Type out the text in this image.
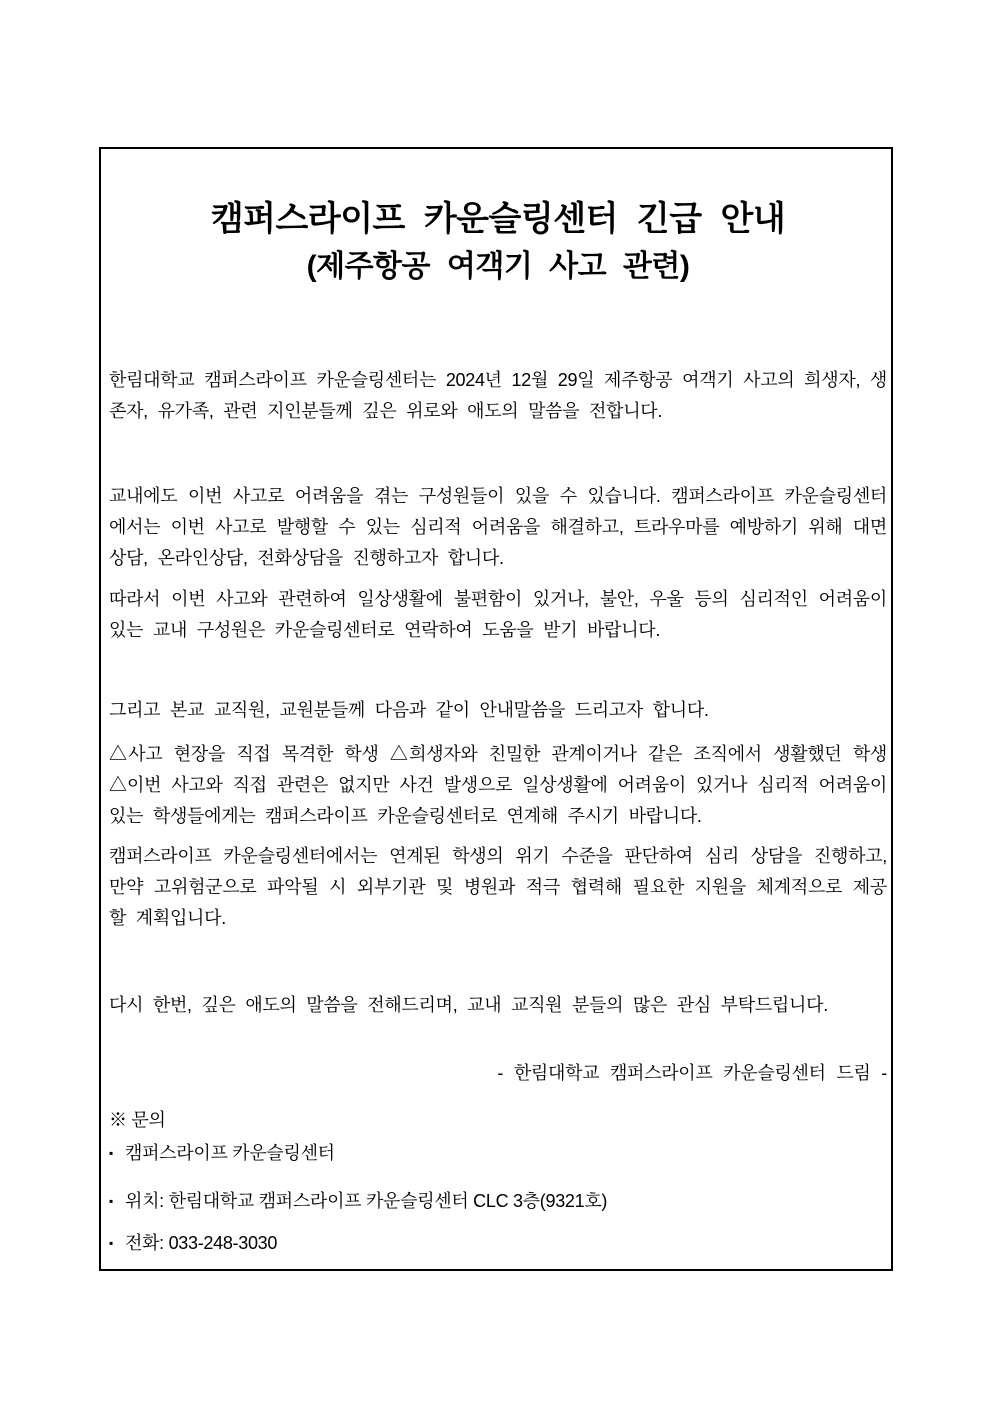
캠퍼스라이프 카운슬링센터 긴급 안내
(제주항공 여객기 사고 관련)

한림대학교 캠퍼스라이프 카운슬링센터는 2024년 12월 29일 제주항공 여객기 사고의 희생자, 생존자, 유가족, 관련 지인분들께 깊은 위로와 애도의 말씀을 전합니다.

교내에도 이번 사고로 어려움을 겪는 구성원들이 있을 수 있습니다. 캠퍼스라이프 카운슬링센터에서는 이번 사고로 발행할 수 있는 심리적 어려움을 해결하고, 트라우마를 예방하기 위해 대면상담, 온라인상담, 전화상담을 진행하고자 합니다.

따라서 이번 사고와 관련하여 일상생활에 불편함이 있거나, 불안, 우울 등의 심리적인 어려움이 있는 교내 구성원은 카운슬링센터로 연락하여 도움을 받기 바랍니다.

그리고 본교 교직원, 교원분들께 다음과 같이 안내말씀을 드리고자 합니다.

△사고 현장을 직접 목격한 학생 △희생자와 친밀한 관계이거나 같은 조직에서 생활했던 학생 △이번 사고와 직접 관련은 없지만 사건 발생으로 일상생활에 어려움이 있거나 심리적 어려움이 있는 학생들에게는 캠퍼스라이프 카운슬링센터로 연계해 주시기 바랍니다.

캠퍼스라이프 카운슬링센터에서는 연계된 학생의 위기 수준을 판단하여 심리 상담을 진행하고, 만약 고위험군으로 파악될 시 외부기관 및 병원과 적극 협력해 필요한 지원을 체계적으로 제공할 계획입니다.

다시 한번, 깊은 애도의 말씀을 전해드리며, 교내 교직원 분들의 많은 관심 부탁드립니다.

- 한림대학교 캠퍼스라이프 카운슬링센터 드림 -

※ 문의

▪ 캠퍼스라이프 카운슬링센터

▪ 위치: 한림대학교 캠퍼스라이프 카운슬링센터 CLC 3층(9321호)

▪ 전화: 033-248-3030
